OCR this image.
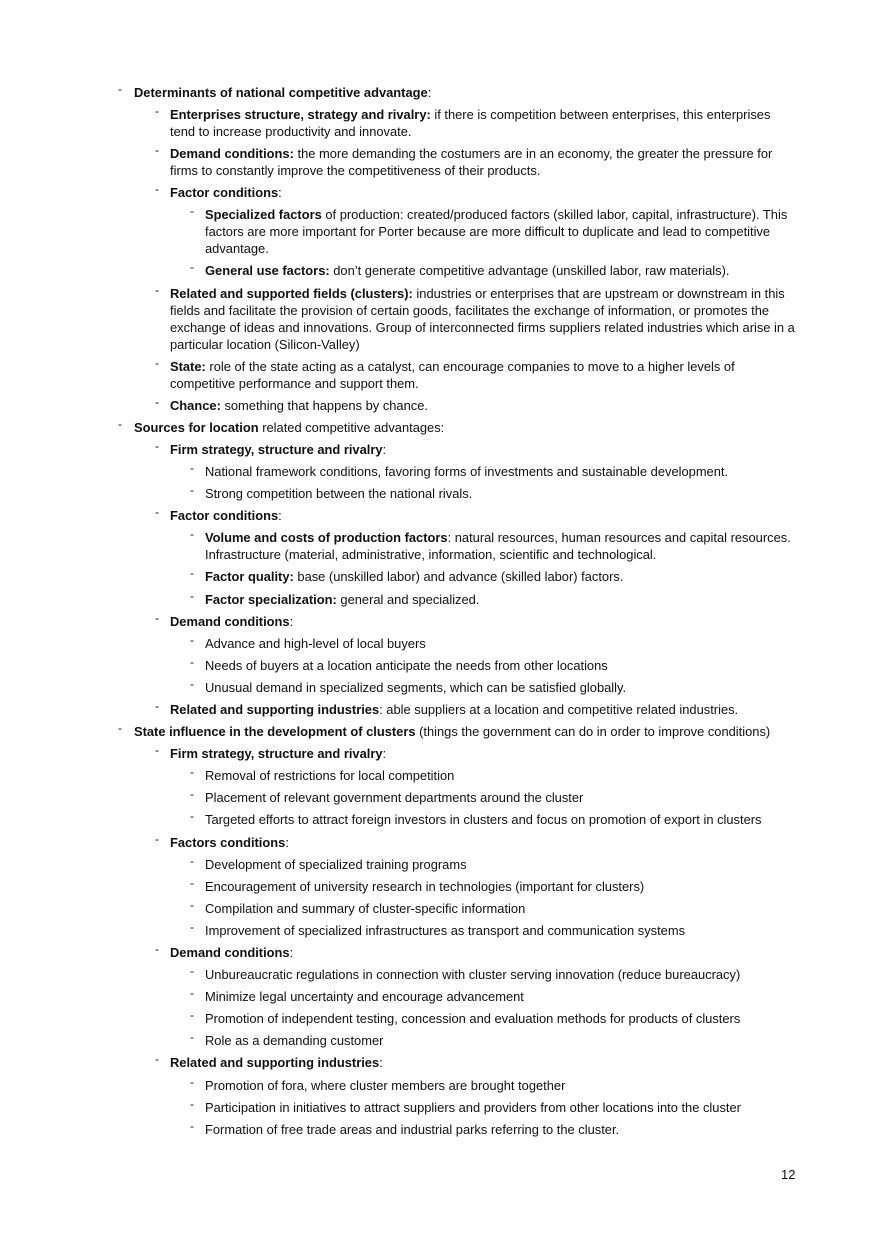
- Determinants of national competitive advantage:
- Enterprises structure, strategy and rivalry: if there is competition between enterprises, this enterprises tend to increase productivity and innovate.
- Demand conditions: the more demanding the costumers are in an economy, the greater the pressure for firms to constantly improve the competitiveness of their products.
- Factor conditions:
- Specialized factors of production: created/produced factors (skilled labor, capital, infrastructure). This factors are more important for Porter because are more difficult to duplicate and lead to competitive advantage.
- General use factors: don’t generate competitive advantage (unskilled labor, raw materials).
- Related and supported fields (clusters): industries or enterprises that are upstream or downstream in this fields and facilitate the provision of certain goods, facilitates the exchange of information, or promotes the exchange of ideas and innovations. Group of interconnected firms suppliers related industries which arise in a particular location (Silicon-Valley)
- State: role of the state acting as a catalyst, can encourage companies to move to a higher levels of competitive performance and support them.
- Chance: something that happens by chance.
- Sources for location related competitive advantages:
- Firm strategy, structure and rivalry:
- National framework conditions, favoring forms of investments and sustainable development.
- Strong competition between the national rivals.
- Factor conditions:
- Volume and costs of production factors: natural resources, human resources and capital resources. Infrastructure (material, administrative, information, scientific and technological.
- Factor quality: base (unskilled labor) and advance (skilled labor) factors.
- Factor specialization: general and specialized.
- Demand conditions:
- Advance and high-level of local buyers
- Needs of buyers at a location anticipate the needs from other locations
- Unusual demand in specialized segments, which can be satisfied globally.
- Related and supporting industries: able suppliers at a location and competitive related industries.
- State influence in the development of clusters (things the government can do in order to improve conditions)
- Firm strategy, structure and rivalry:
- Removal of restrictions for local competition
- Placement of relevant government departments around the cluster
- Targeted efforts to attract foreign investors in clusters and focus on promotion of export in clusters
- Factors conditions:
- Development of specialized training programs
- Encouragement of university research in technologies (important for clusters)
- Compilation and summary of cluster-specific information
- Improvement of specialized infrastructures as transport and communication systems
- Demand conditions:
- Unbureaucratic regulations in connection with cluster serving innovation (reduce bureaucracy)
- Minimize legal uncertainty and encourage advancement
- Promotion of independent testing, concession and evaluation methods for products of clusters
- Role as a demanding customer
- Related and supporting industries:
- Promotion of fora, where cluster members are brought together
- Participation in initiatives to attract suppliers and providers from other locations into the cluster
- Formation of free trade areas and industrial parks referring to the cluster.
12
